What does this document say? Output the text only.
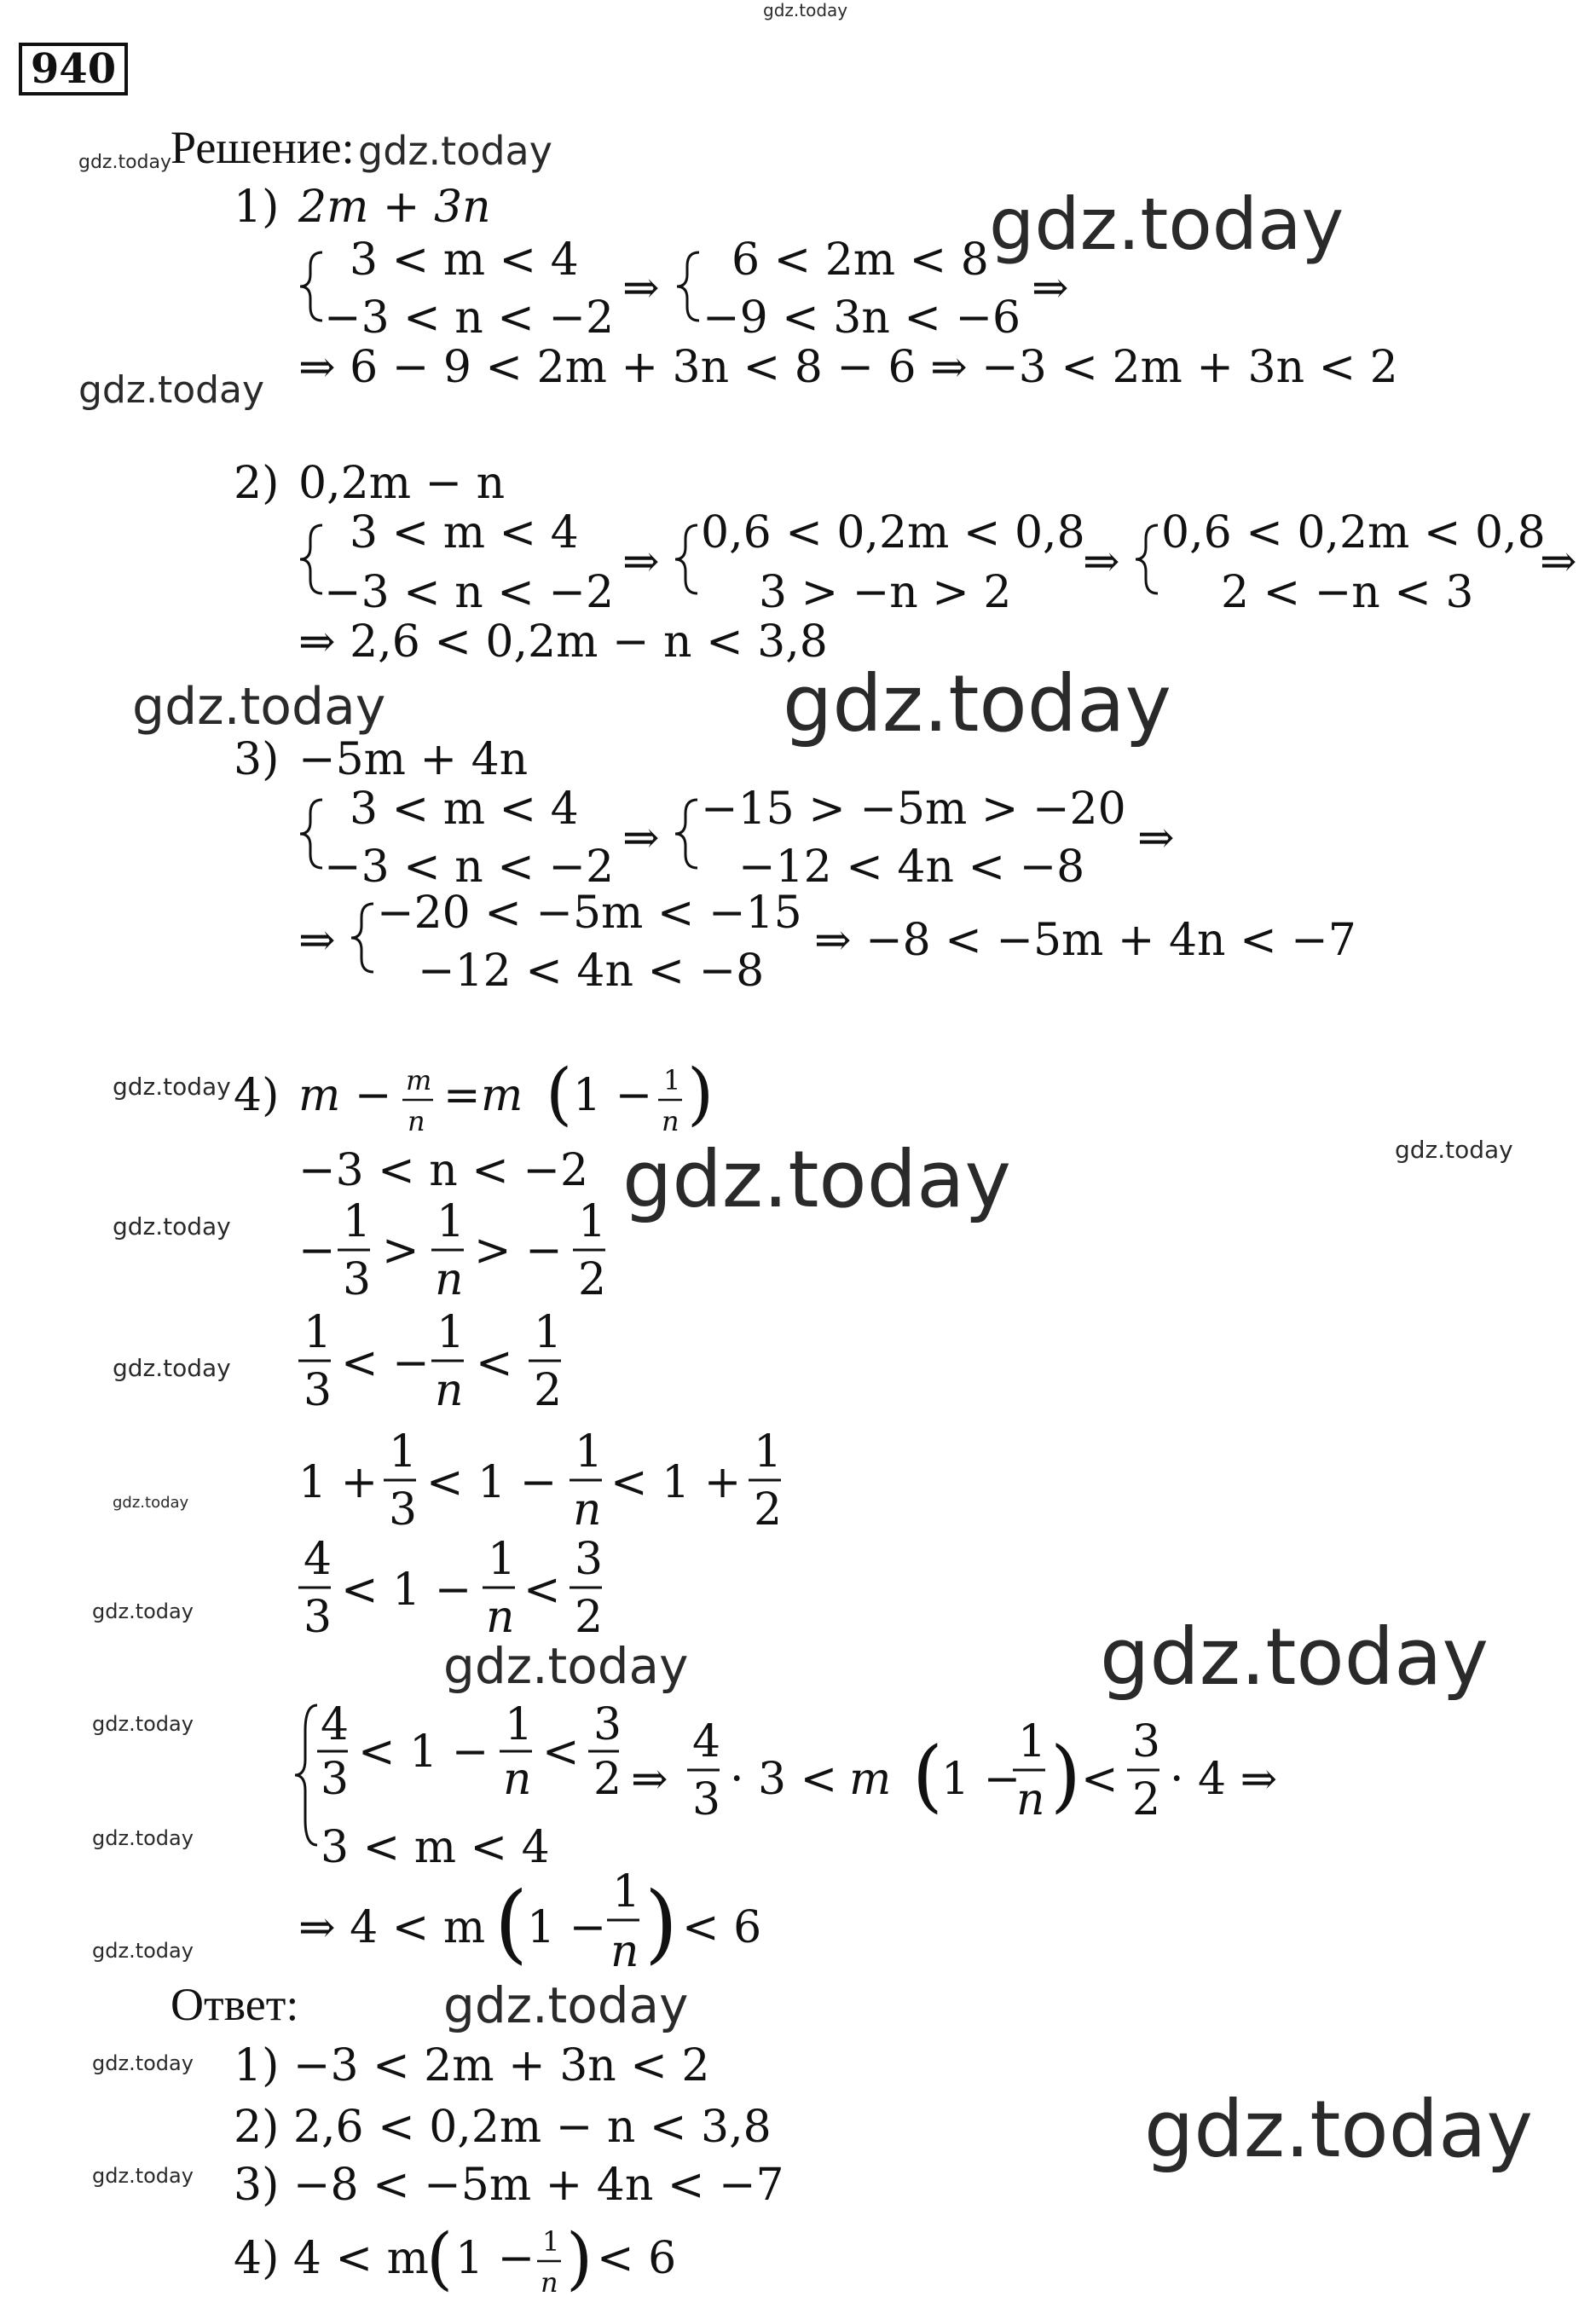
gdz.today
940
Решение:
Ответ:
gdz.today
gdz.today
gdz.today
gdz.today
gdz.today	gdz.today
gdz.today
gdz.today
gdz.today
gdz.today
gdz.today
gdz.today
gdz.today	gdz.today
gdz.today
gdz.today
gdz.today
gdz.today
gdz.today
gdz.today
gdz.today
gdz.today
1) 2m + 3n
3 < m < 4
−3 < n < −2
⇒
6 < 2m < 8
−9 < 3n < −6
⇒
⇒ 6 − 9 < 2m + 3n < 8 − 6 ⇒ −3 < 2m + 3n < 2
2) 0,2m − n
3 < m < 4
−3 < n < −2
⇒
0,6 < 0,2m < 0,8
3 > −n > 2
⇒
0,6 < 0,2m < 0,8
2 < −n < 3
⇒
⇒ 2,6 < 0,2m − n < 3,8
3) −5m + 4n
3 < m < 4
−3 < n < −2
⇒
−15 > −5m > −20
−12 < 4n < −8
⇒
⇒
−20 < −5m < −15
−12 < 4n < −8
⇒ −8 < −5m + 4n < −7
4) m − m
n = m ( 1 − 1
n )
−3 < n < −2
−
1
3
>
1
n
> −
1
2
1
3
< −
1
n
<
1
2
1 +
1
3
< 1 −
1
n
< 1 +
1
2
4
3
< 1 −
1
n
<
3
2
4
3
< 1 −
1
n
<
3
2 ⇒
4
3 · 3 < m (
1 −
1
n ) <
3
2 · 4 ⇒
3 < m < 4
⇒ 4 < m (
1 −
1
n ) < 6
1) −3 < 2m + 3n < 2
2) 2,6 < 0,2m − n < 3,8
3) −8 < −5m + 4n < −7
4) 4 < m
( 1 − 1
n ) < 6
